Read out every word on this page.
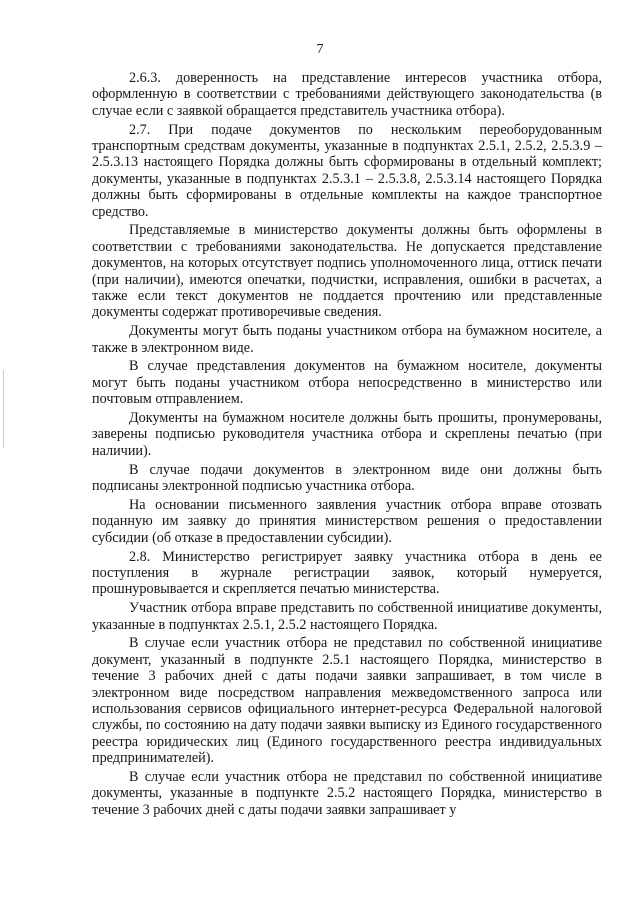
7

2.6.3. доверенность на представление интересов участника отбора, оформленную в соответствии с требованиями действующего законодательства (в случае если с заявкой обращается представитель участника отбора).

2.7. При подаче документов по нескольким переоборудованным транспортным средствам документы, указанные в подпунктах 2.5.1, 2.5.2, 2.5.3.9 – 2.5.3.13 настоящего Порядка должны быть сформированы в отдельный комплект; документы, указанные в подпунктах 2.5.3.1 – 2.5.3.8, 2.5.3.14 настоящего Порядка должны быть сформированы в отдельные комплекты на каждое транспортное средство.

Представляемые в министерство документы должны быть оформлены в соответствии с требованиями законодательства. Не допускается представление документов, на которых отсутствует подпись уполномоченного лица, оттиск печати (при наличии), имеются опечатки, подчистки, исправления, ошибки в расчетах, а также если текст документов не поддается прочтению или представленные документы содержат противоречивые сведения.

Документы могут быть поданы участником отбора на бумажном носителе, а также в электронном виде.

В случае представления документов на бумажном носителе, документы могут быть поданы участником отбора непосредственно в министерство или почтовым отправлением.

Документы на бумажном носителе должны быть прошиты, пронумерованы, заверены подписью руководителя участника отбора и скреплены печатью (при наличии).

В случае подачи документов в электронном виде они должны быть подписаны электронной подписью участника отбора.

На основании письменного заявления участник отбора вправе отозвать поданную им заявку до принятия министерством решения о предоставлении субсидии (об отказе в предоставлении субсидии).

2.8. Министерство регистрирует заявку участника отбора в день ее поступления в журнале регистрации заявок, который нумеруется, прошнуровывается и скрепляется печатью министерства.

Участник отбора вправе представить по собственной инициативе документы, указанные в подпунктах 2.5.1, 2.5.2 настоящего Порядка.

В случае если участник отбора не представил по собственной инициативе документ, указанный в подпункте 2.5.1 настоящего Порядка, министерство в течение 3 рабочих дней с даты подачи заявки запрашивает, в том числе в электронном виде посредством направления межведомственного запроса или использования сервисов официального интернет-ресурса Федеральной налоговой службы, по состоянию на дату подачи заявки выписку из Единого государственного реестра юридических лиц (Единого государственного реестра индивидуальных предпринимателей).

В случае если участник отбора не представил по собственной инициативе документы, указанные в подпункте 2.5.2 настоящего Порядка, министерство в течение 3 рабочих дней с даты подачи заявки запрашивает у
